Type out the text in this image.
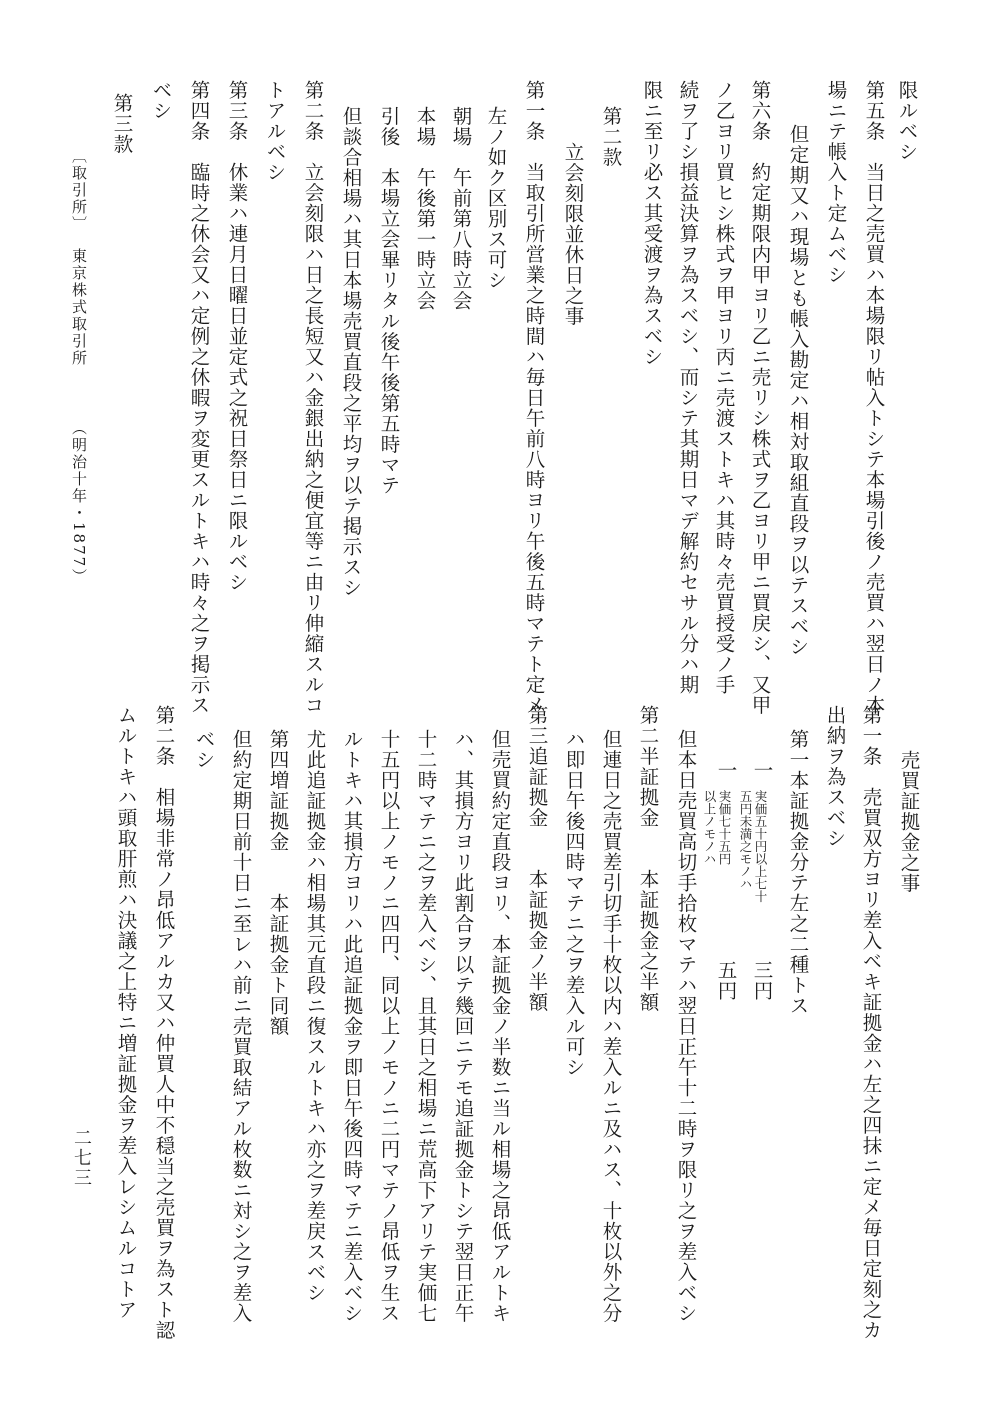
限ルベシ
第五条　当日之売買ハ本場限リ帖入トシテ本場引後ノ売買ハ翌日ノ本
場ニテ帳入ト定ムベシ
但定期又ハ現場とも帳入勘定ハ相対取組直段ヲ以テスベシ
第六条　約定期限内甲ヨリ乙ニ売リシ株式ヲ乙ヨリ甲ニ買戻シ、又甲
ノ乙ヨリ買ヒシ株式ヲ甲ヨリ丙ニ売渡ストキハ其時々売買授受ノ手
続ヲ了シ損益決算ヲ為スベシ、而シテ其期日マデ解約セサル分ハ期
限ニ至リ必ス其受渡ヲ為スベシ
第二款
立会刻限並休日之事
第一条　当取引所営業之時間ハ毎日午前八時ヨリ午後五時マテト定メ
左ノ如ク区別ス可シ
朝場　午前第八時立会
本場　午後第一時立会
引後　本場立会畢リタル後午後第五時マテ
但談合相場ハ其日本場売買直段之平均ヲ以テ掲示スシ
第二条　立会刻限ハ日之長短又ハ金銀出納之便宜等ニ由リ伸縮スルコ
トアルベシ
第三条　休業ハ連月日曜日並定式之祝日祭日ニ限ルベシ
第四条　臨時之休会又ハ定例之休暇ヲ変更スルトキハ時々之ヲ掲示ス
ベシ
第三款
〔取引所〕
東京株式取引所
（明治十年・1877）
売買証拠金之事
第一条　売買双方ヨリ差入ベキ証拠金ハ左之四抹ニ定メ毎日定刻之カ
出納ヲ為スベシ
第一本証拠金分テ左之二種トス
一
実価五十円以上七十
五円未満之モノハ
三円
一
実価七十五円
以上ノモノハ
五円
但本日売買高切手拾枚マテハ翌日正午十二時ヲ限リ之ヲ差入ベシ
第二半証拠金　　本証拠金之半額
但連日之売買差引切手十枚以内ハ差入ルニ及ハス、十枚以外之分
ハ即日午後四時マテニ之ヲ差入ル可シ
第三追証拠金　　本証拠金ノ半額
但売買約定直段ヨリ、本証拠金ノ半数ニ当ル相場之昂低アルトキ
ハ、其損方ヨリ此割合ヲ以テ幾回ニテモ追証拠金トシテ翌日正午
十二時マテニ之ヲ差入ベシ、且其日之相場ニ荒高下アリテ実価七
十五円以上ノモノニ四円、同以上ノモノニ二円マテノ昂低ヲ生ス
ルトキハ其損方ヨリハ此追証拠金ヲ即日午後四時マテニ差入ベシ
尤此追証拠金ハ相場其元直段ニ復スルトキハ亦之ヲ差戻スベシ
第四増証拠金　　本証拠金ト同額
但約定期日前十日ニ至レハ前ニ売買取結アル枚数ニ対シ之ヲ差入
ベシ
第二条　相場非常ノ昂低アルカ又ハ仲買人中不穏当之売買ヲ為スト認
ムルトキハ頭取肝煎ハ決議之上特ニ増証拠金ヲ差入レシムルコトア
二七三
